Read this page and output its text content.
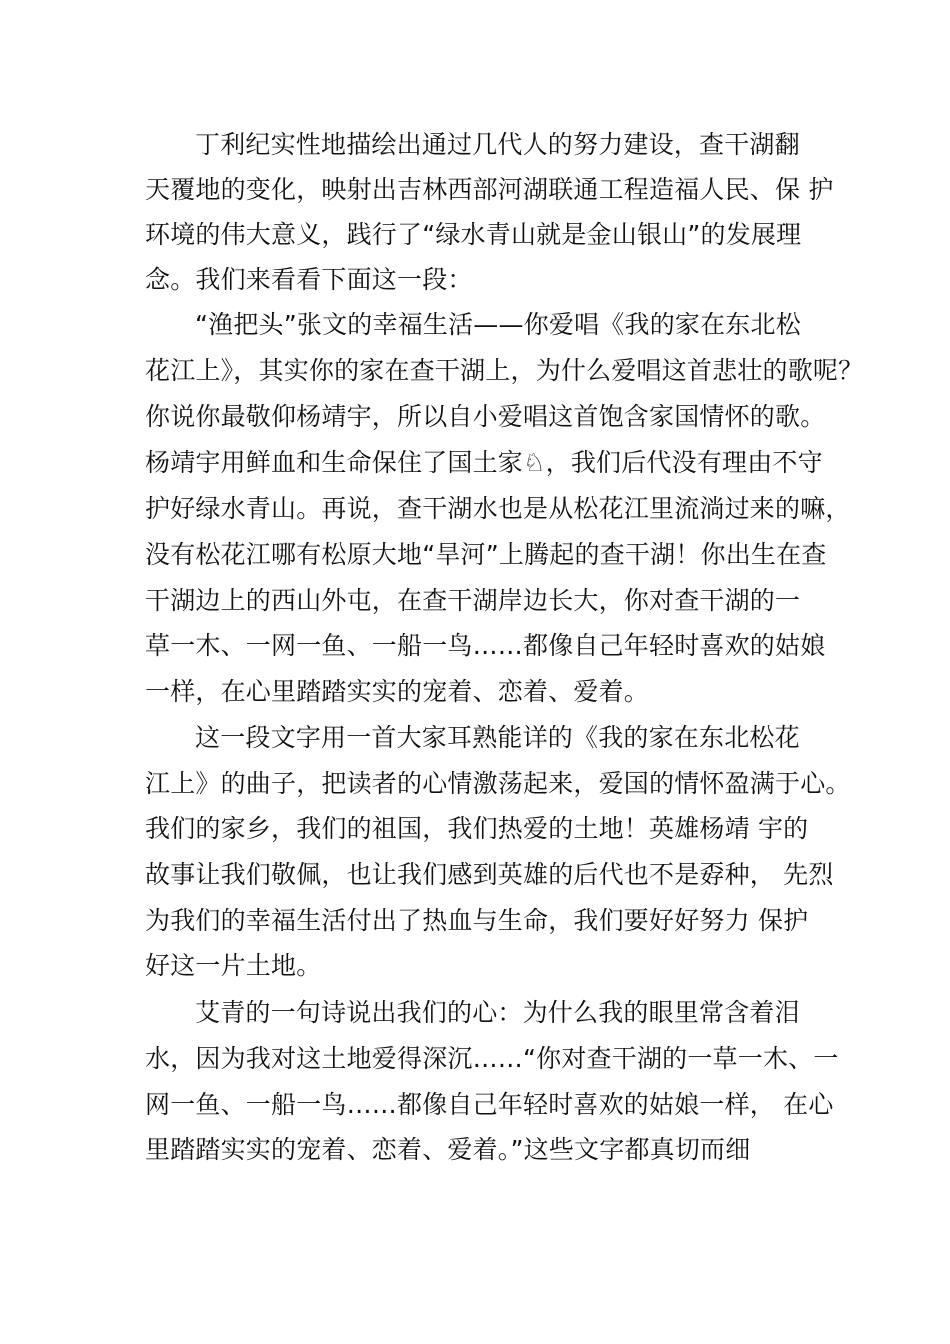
丁利纪实性地描绘出通过几代人的努力建设，查干湖翻
天覆地的变化，映射出吉林西部河湖联通工程造福人民、保 护
环境的伟大意义，践行了“绿水青山就是金山银山”的发展理
念。我们来看看下面这一段：
“渔把头”张文的幸福生活——你爱唱《我的家在东北松
花江上》，其实你的家在查干湖上，为什么爱唱这首悲壮的歌呢？
你说你最敬仰杨靖宇，所以自小爱唱这首饱含家国情怀的歌。
杨靖宇用鲜血和生命保住了国土家♘，我们后代没有理由不守
护好绿水青山。再说，查干湖水也是从松花江里流淌过来的嘛，
没有松花江哪有松原大地“旱河”上腾起的查干湖！你出生在查
干湖边上的西山外屯，在查干湖岸边长大，你对查干湖的一
草一木、一网一鱼、一船一鸟……都像自己年轻时喜欢的姑娘
一样，在心里踏踏实实的宠着、恋着、爱着。
这一段文字用一首大家耳熟能详的《我的家在东北松花
江上》的曲子，把读者的心情激荡起来，爱国的情怀盈满于心。
我们的家乡，我们的祖国，我们热爱的土地！英雄杨靖 宇的
故事让我们敬佩，也让我们感到英雄的后代也不是孬种， 先烈
为我们的幸福生活付出了热血与生命，我们要好好努力 保护
好这一片土地。
艾青的一句诗说出我们的心：为什么我的眼里常含着泪
水，因为我对这土地爱得深沉……“你对查干湖的一草一木、一
网一鱼、一船一鸟……都像自己年轻时喜欢的姑娘一样， 在心
里踏踏实实的宠着、恋着、爱着。”这些文字都真切而细
